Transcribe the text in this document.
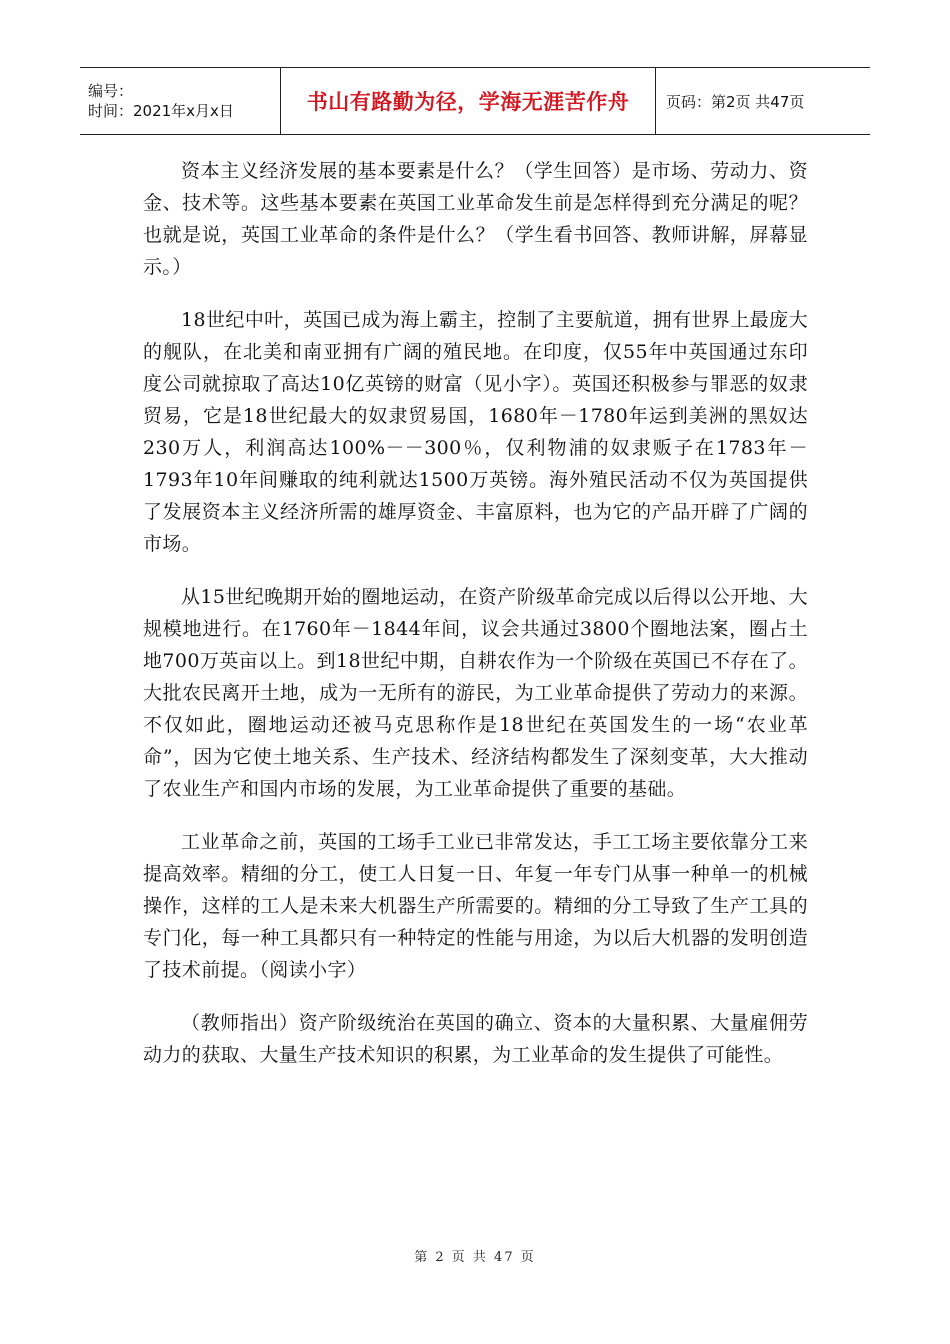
编号：
时间：2021年x月x日	书山有路勤为径，学海无涯苦作舟	页码：第2页 共47页

资本主义经济发展的基本要素是什么？（学生回答）是市场、劳动力、资金、技术等。这些基本要素在英国工业革命发生前是怎样得到充分满足的呢？也就是说，英国工业革命的条件是什么？（学生看书回答、教师讲解，屏幕显示。）

18世纪中叶，英国已成为海上霸主，控制了主要航道，拥有世界上最庞大的舰队，在北美和南亚拥有广阔的殖民地。在印度，仅55年中英国通过东印度公司就掠取了高达10亿英镑的财富（见小字）。英国还积极参与罪恶的奴隶贸易，它是18世纪最大的奴隶贸易国，1680年－1780年运到美洲的黑奴达230万人，利润高达100%－－300％，仅利物浦的奴隶贩子在1783年－1793年10年间赚取的纯利就达1500万英镑。海外殖民活动不仅为英国提供了发展资本主义经济所需的雄厚资金、丰富原料，也为它的产品开辟了广阔的市场。

从15世纪晚期开始的圈地运动，在资产阶级革命完成以后得以公开地、大规模地进行。在1760年－1844年间，议会共通过3800个圈地法案，圈占土地700万英亩以上。到18世纪中期，自耕农作为一个阶级在英国已不存在了。大批农民离开土地，成为一无所有的游民，为工业革命提供了劳动力的来源。不仅如此，圈地运动还被马克思称作是18世纪在英国发生的一场“农业革命”，因为它使土地关系、生产技术、经济结构都发生了深刻变革，大大推动了农业生产和国内市场的发展，为工业革命提供了重要的基础。

工业革命之前，英国的工场手工业已非常发达，手工工场主要依靠分工来提高效率。精细的分工，使工人日复一日、年复一年专门从事一种单一的机械操作，这样的工人是未来大机器生产所需要的。精细的分工导致了生产工具的专门化，每一种工具都只有一种特定的性能与用途，为以后大机器的发明创造了技术前提。（阅读小字）

（教师指出）资产阶级统治在英国的确立、资本的大量积累、大量雇佣劳动力的获取、大量生产技术知识的积累，为工业革命的发生提供了可能性。

第 2 页 共 47 页
